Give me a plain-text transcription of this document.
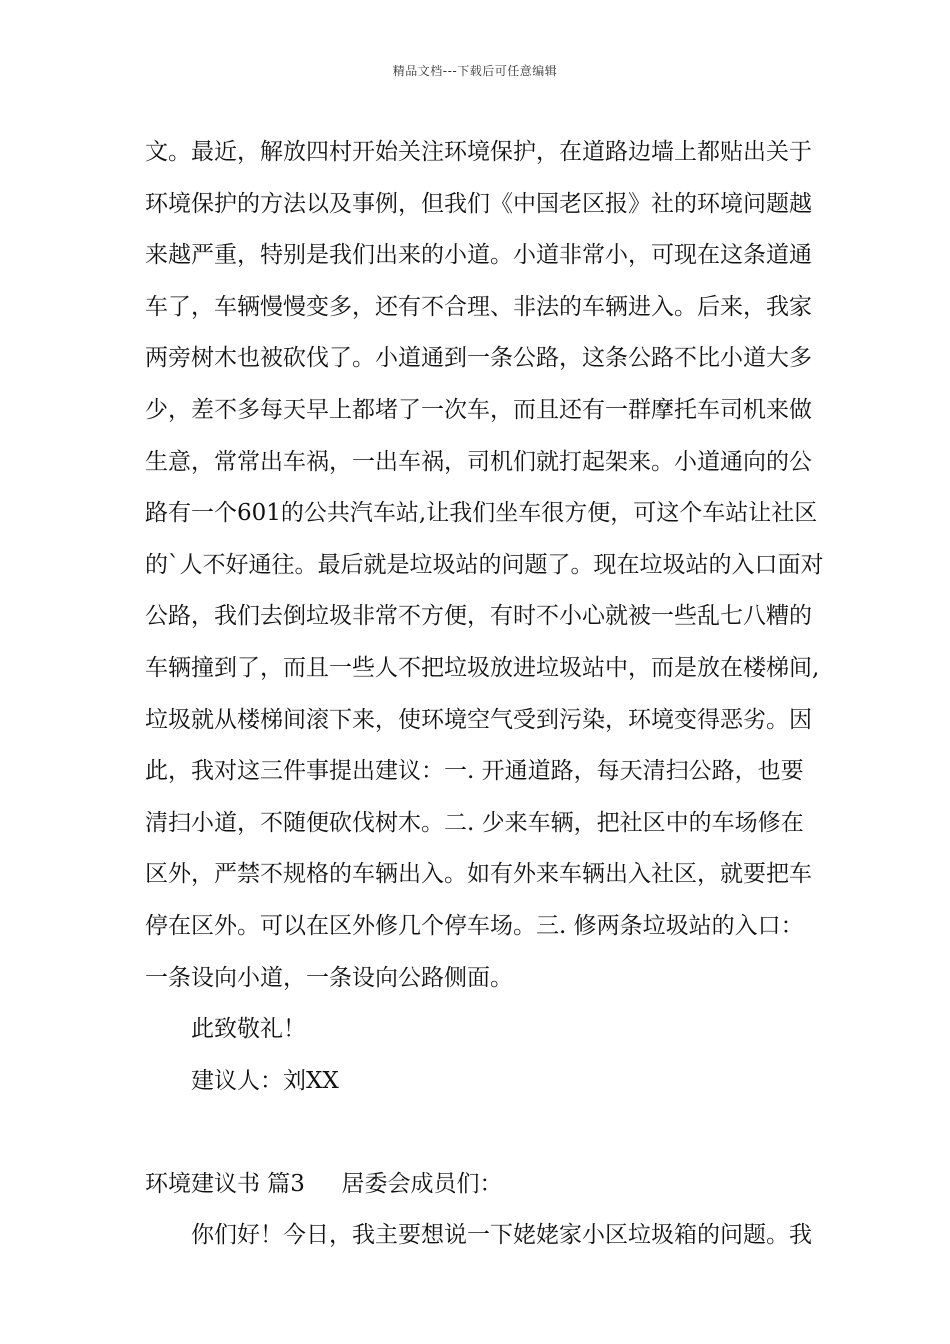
精品文档---下载后可任意编辑
文。最近，解放四村开始关注环境保护，在道路边墙上都贴出关于
环境保护的方法以及事例，但我们《中国老区报》社的环境问题越
来越严重，特别是我们出来的小道。小道非常小，可现在这条道通
车了，车辆慢慢变多，还有不合理、非法的车辆进入。后来，我家
两旁树木也被砍伐了。小道通到一条公路，这条公路不比小道大多
少，差不多每天早上都堵了一次车，而且还有一群摩托车司机来做
生意，常常出车祸，一出车祸，司机们就打起架来。小道通向的公
路有一个601的公共汽车站,让我们坐车很方便，可这个车站让社区
的`人不好通往。最后就是垃圾站的问题了。现在垃圾站的入口面对
公路，我们去倒垃圾非常不方便，有时不小心就被一些乱七八糟的
车辆撞到了，而且一些人不把垃圾放进垃圾站中，而是放在楼梯间,
垃圾就从楼梯间滚下来，使环境空气受到污染，环境变得恶劣。因
此，我对这三件事提出建议：一. 开通道路，每天清扫公路，也要
清扫小道，不随便砍伐树木。二. 少来车辆，把社区中的车场修在
区外，严禁不规格的车辆出入。如有外来车辆出入社区，就要把车
停在区外。可以在区外修几个停车场。三. 修两条垃圾站的入口：
一条设向小道，一条设向公路侧面。
此致敬礼！
建议人：刘XX
环境建议书 篇3     居委会成员们：
你们好！今日，我主要想说一下姥姥家小区垃圾箱的问题。我
